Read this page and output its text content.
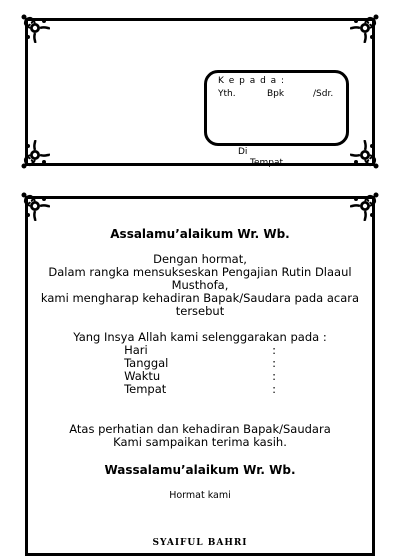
K e p a d a :
Yth.	Bpk	/Sdr.
Di
Tempat
Assalamu’alaikum Wr. Wb.
Dengan hormat,
Dalam rangka mensukseskan Pengajian Rutin Dlaaul
Musthofa,
kami mengharap kehadiran Bapak/Saudara pada acara
tersebut
Yang Insya Allah kami selenggarakan pada :
Hari	:
Tanggal	:
Waktu	:
Tempat	:
Atas perhatian dan kehadiran Bapak/Saudara
Kami sampaikan terima kasih.
Wassalamu’alaikum Wr. Wb.
Hormat kami
SYAIFUL BAHRI
